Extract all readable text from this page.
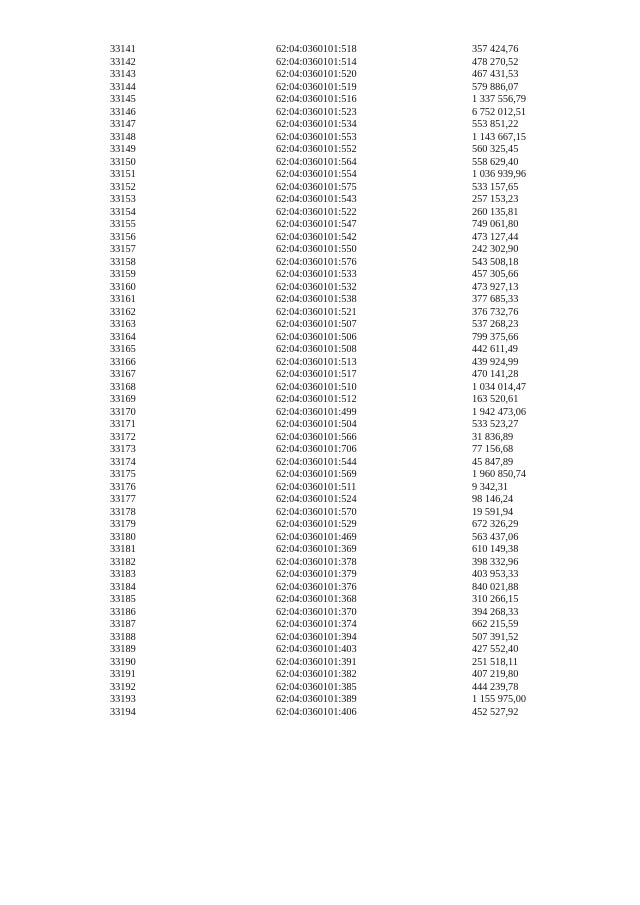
33141	62:04:0360101:518	357 424,76
33142	62:04:0360101:514	478 270,52
33143	62:04:0360101:520	467 431,53
33144	62:04:0360101:519	579 886,07
33145	62:04:0360101:516	1 337 556,79
33146	62:04:0360101:523	6 752 012,51
33147	62:04:0360101:534	553 851,22
33148	62:04:0360101:553	1 143 667,15
33149	62:04:0360101:552	560 325,45
33150	62:04:0360101:564	558 629,40
33151	62:04:0360101:554	1 036 939,96
33152	62:04:0360101:575	533 157,65
33153	62:04:0360101:543	257 153,23
33154	62:04:0360101:522	260 135,81
33155	62:04:0360101:547	749 061,80
33156	62:04:0360101:542	473 127,44
33157	62:04:0360101:550	242 302,90
33158	62:04:0360101:576	543 508,18
33159	62:04:0360101:533	457 305,66
33160	62:04:0360101:532	473 927,13
33161	62:04:0360101:538	377 685,33
33162	62:04:0360101:521	376 732,76
33163	62:04:0360101:507	537 268,23
33164	62:04:0360101:506	799 375,66
33165	62:04:0360101:508	442 611,49
33166	62:04:0360101:513	439 924,99
33167	62:04:0360101:517	470 141,28
33168	62:04:0360101:510	1 034 014,47
33169	62:04:0360101:512	163 520,61
33170	62:04:0360101:499	1 942 473,06
33171	62:04:0360101:504	533 523,27
33172	62:04:0360101:566	31 836,89
33173	62:04:0360101:706	77 156,68
33174	62:04:0360101:544	45 847,89
33175	62:04:0360101:569	1 960 850,74
33176	62:04:0360101:511	9 342,31
33177	62:04:0360101:524	98 146,24
33178	62:04:0360101:570	19 591,94
33179	62:04:0360101:529	672 326,29
33180	62:04:0360101:469	563 437,06
33181	62:04:0360101:369	610 149,38
33182	62:04:0360101:378	398 332,96
33183	62:04:0360101:379	403 953,33
33184	62:04:0360101:376	840 021,88
33185	62:04:0360101:368	310 266,15
33186	62:04:0360101:370	394 268,33
33187	62:04:0360101:374	662 215,59
33188	62:04:0360101:394	507 391,52
33189	62:04:0360101:403	427 552,40
33190	62:04:0360101:391	251 518,11
33191	62:04:0360101:382	407 219,80
33192	62:04:0360101:385	444 239,78
33193	62:04:0360101:389	1 155 975,00
33194	62:04:0360101:406	452 527,92
